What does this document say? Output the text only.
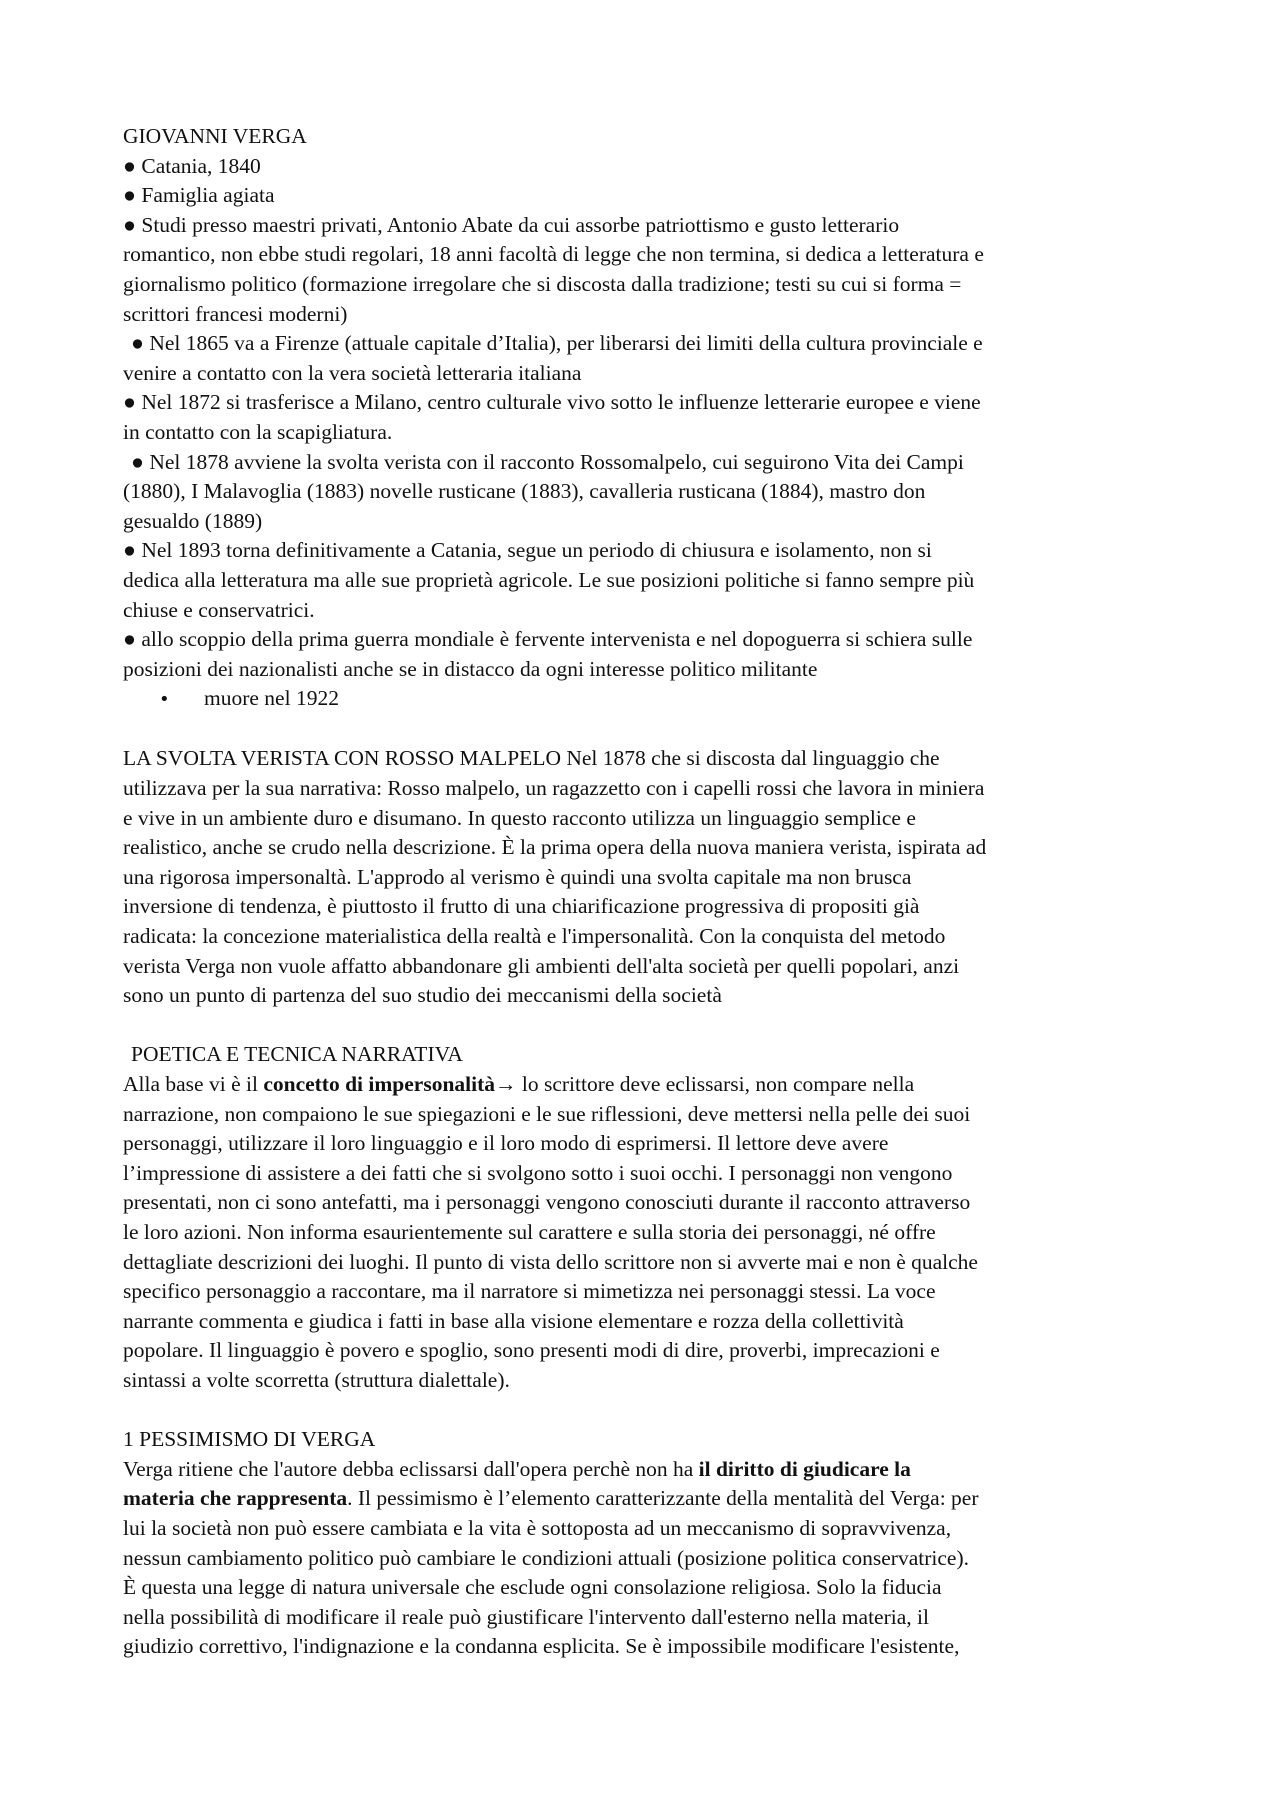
GIOVANNI VERGA
● Catania, 1840
● Famiglia agiata
● Studi presso maestri privati, Antonio Abate da cui assorbe patriottismo e gusto letterario
romantico, non ebbe studi regolari, 18 anni facoltà di legge che non termina, si dedica a letteratura e
giornalismo politico (formazione irregolare che si discosta dalla tradizione; testi su cui si forma =
scrittori francesi moderni)
● Nel 1865 va a Firenze (attuale capitale d’Italia), per liberarsi dei limiti della cultura provinciale e
venire a contatto con la vera società letteraria italiana
● Nel 1872 si trasferisce a Milano, centro culturale vivo sotto le influenze letterarie europee e viene
in contatto con la scapigliatura.
● Nel 1878 avviene la svolta verista con il racconto Rossomalpelo, cui seguirono Vita dei Campi
(1880), I Malavoglia (1883) novelle rusticane (1883), cavalleria rusticana (1884), mastro don
gesualdo (1889)
● Nel 1893 torna definitivamente a Catania, segue un periodo di chiusura e isolamento, non si
dedica alla letteratura ma alle sue proprietà agricole. Le sue posizioni politiche si fanno sempre più
chiuse e conservatrici.
● allo scoppio della prima guerra mondiale è fervente intervenista e nel dopoguerra si schiera sulle
posizioni dei nazionalisti anche se in distacco da ogni interesse politico militante
• muore nel 1922
LA SVOLTA VERISTA CON ROSSO MALPELO Nel 1878 che si discosta dal linguaggio che
utilizzava per la sua narrativa: Rosso malpelo, un ragazzetto con i capelli rossi che lavora in miniera
e vive in un ambiente duro e disumano. In questo racconto utilizza un linguaggio semplice e
realistico, anche se crudo nella descrizione. È la prima opera della nuova maniera verista, ispirata ad
una rigorosa impersonaltà. L'approdo al verismo è quindi una svolta capitale ma non brusca
inversione di tendenza, è piuttosto il frutto di una chiarificazione progressiva di propositi già
radicata: la concezione materialistica della realtà e l'impersonalità. Con la conquista del metodo
verista Verga non vuole affatto abbandonare gli ambienti dell'alta società per quelli popolari, anzi
sono un punto di partenza del suo studio dei meccanismi della società
POETICA E TECNICA NARRATIVA
Alla base vi è il concetto di impersonalità→ lo scrittore deve eclissarsi, non compare nella
narrazione, non compaiono le sue spiegazioni e le sue riflessioni, deve mettersi nella pelle dei suoi
personaggi, utilizzare il loro linguaggio e il loro modo di esprimersi. Il lettore deve avere
l’impressione di assistere a dei fatti che si svolgono sotto i suoi occhi. I personaggi non vengono
presentati, non ci sono antefatti, ma i personaggi vengono conosciuti durante il racconto attraverso
le loro azioni. Non informa esaurientemente sul carattere e sulla storia dei personaggi, né offre
dettagliate descrizioni dei luoghi. Il punto di vista dello scrittore non si avverte mai e non è qualche
specifico personaggio a raccontare, ma il narratore si mimetizza nei personaggi stessi. La voce
narrante commenta e giudica i fatti in base alla visione elementare e rozza della collettività
popolare. Il linguaggio è povero e spoglio, sono presenti modi di dire, proverbi, imprecazioni e
sintassi a volte scorretta (struttura dialettale).
1 PESSIMISMO DI VERGA
Verga ritiene che l'autore debba eclissarsi dall'opera perchè non ha il diritto di giudicare la
materia che rappresenta. Il pessimismo è l’elemento caratterizzante della mentalità del Verga: per
lui la società non può essere cambiata e la vita è sottoposta ad un meccanismo di sopravvivenza,
nessun cambiamento politico può cambiare le condizioni attuali (posizione politica conservatrice).
È questa una legge di natura universale che esclude ogni consolazione religiosa. Solo la fiducia
nella possibilità di modificare il reale può giustificare l'intervento dall'esterno nella materia, il
giudizio correttivo, l'indignazione e la condanna esplicita. Se è impossibile modificare l'esistente,
